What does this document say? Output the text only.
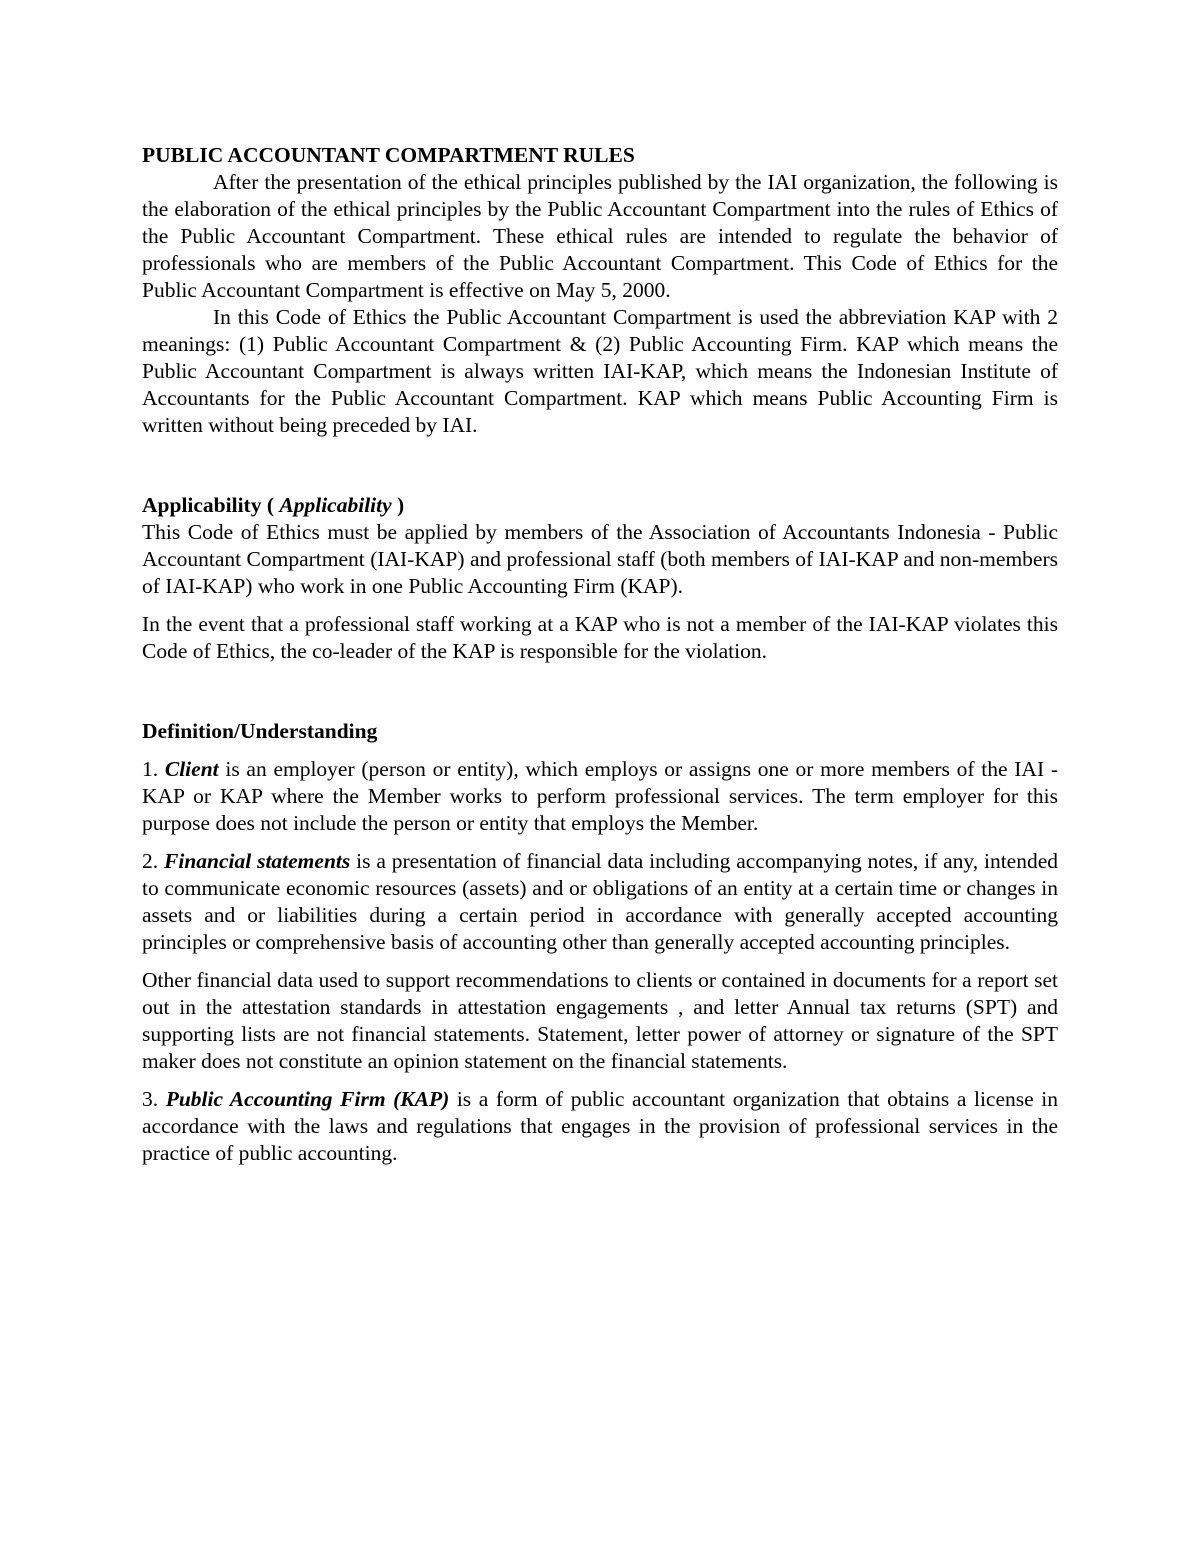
PUBLIC ACCOUNTANT COMPARTMENT RULES

After the presentation of the ethical principles published by the IAI organization, the following is the elaboration of the ethical principles by the Public Accountant Compartment into the rules of Ethics of the Public Accountant Compartment. These ethical rules are intended to regulate the behavior of professionals who are members of the Public Accountant Compartment. This Code of Ethics for the Public Accountant Compartment is effective on May 5, 2000.

In this Code of Ethics the Public Accountant Compartment is used the abbreviation KAP with 2 meanings: (1) Public Accountant Compartment & (2) Public Accounting Firm. KAP which means the Public Accountant Compartment is always written IAI-KAP, which means the Indonesian Institute of Accountants for the Public Accountant Compartment. KAP which means Public Accounting Firm is written without being preceded by IAI.

Applicability ( Applicability )

This Code of Ethics must be applied by members of the Association of Accountants Indonesia - Public Accountant Compartment (IAI-KAP) and professional staff (both members of IAI-KAP and non-members of IAI-KAP) who work in one Public Accounting Firm (KAP).

In the event that a professional staff working at a KAP who is not a member of the IAI-KAP violates this Code of Ethics, the co-leader of the KAP is responsible for the violation.

Definition/Understanding

1. Client is an employer (person or entity), which employs or assigns one or more members of the IAI - KAP or KAP where the Member works to perform professional services. The term employer for this purpose does not include the person or entity that employs the Member.

2. Financial statements is a presentation of financial data including accompanying notes, if any, intended to communicate economic resources (assets) and or obligations of an entity at a certain time or changes in assets and or liabilities during a certain period in accordance with generally accepted accounting principles or comprehensive basis of accounting other than generally accepted accounting principles.

Other financial data used to support recommendations to clients or contained in documents for a report set out in the attestation standards in attestation engagements , and letter Annual tax returns (SPT) and supporting lists are not financial statements. Statement, letter power of attorney or signature of the SPT maker does not constitute an opinion statement on the financial statements.

3. Public Accounting Firm (KAP) is a form of public accountant organization that obtains a license in accordance with the laws and regulations that engages in the provision of professional services in the practice of public accounting.
